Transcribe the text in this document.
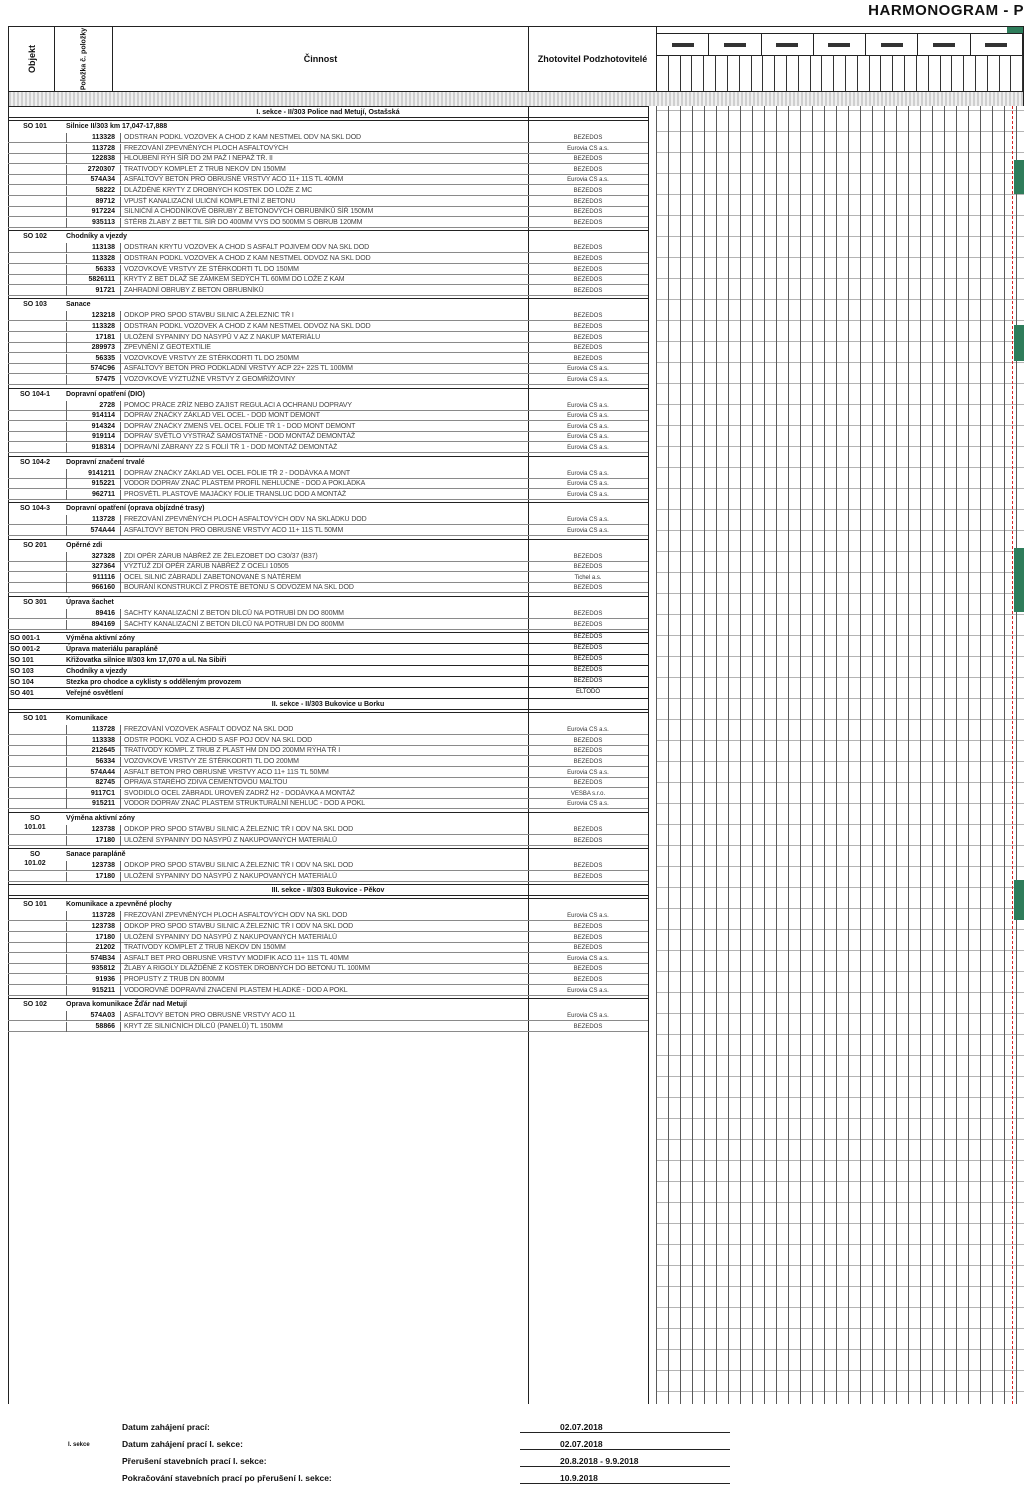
HARMONOGRAM - P
Objekt	Položka č. položky	Činnost	Zhotovitel Podzhotovitelé
I. sekce - II/303 Police nad Metují, Ostašská
SO 101	Silnice II/303 km 17,047-17,888
113328	ODSTRAN PODKL VOZOVEK A CHOD Z KAM NESTMEL ODV NA SKL DOD	BEZEDOS
113728	FREZOVÁNÍ ZPEVNĚNÝCH PLOCH ASFALTOVÝCH	Eurovia CS a.s.
122838	HLOUBENÍ RÝH ŠÍŘ DO 2M PAŽ I NEPAŽ TŘ. II	BEZEDOS
2720307	TRATIVODY KOMPLET Z TRUB NEKOV DN 150MM	BEZEDOS
574A34	ASFALTOVÝ BETON PRO OBRUSNÉ VRSTVY ACO 11+ 11S TL 40MM	Eurovia CS a.s.
58222	DLÁŽDĚNÉ KRYTY Z DROBNÝCH KOSTEK DO LOŽE Z MC	BEZEDOS
89712	VPUSŤ KANALIZAČNÍ ULIČNÍ KOMPLETNÍ Z BETONU	BEZEDOS
917224	SILNIČNÍ A CHODNÍKOVÉ OBRUBY Z BETONOVÝCH OBRUBNÍKŮ ŠÍŘ 150MM	BEZEDOS
935113	ŠTĚRB ŽLABY Z BET TIL ŠÍŘ DO 400MM VYS DO 500MM S OBRUB 120MM	BEZEDOS
SO 102	Chodníky a vjezdy
113138	ODSTRAN KRYTU VOZOVEK A CHOD S ASFALT POJIVEM ODV NA SKL DOD	BEZEDOS
113328	ODSTRAN PODKL VOZOVEK A CHOD Z KAM NESTMEL ODVOZ NA SKL DOD	BEZEDOS
56333	VOZOVKOVÉ VRSTVY ZE ŠTĚRKODRTI TL DO 150MM	BEZEDOS
5826111	KRYTY Z BET DLAŽ SE ZÁMKEM ŠEDÝCH TL 60MM DO LOŽE Z KAM	BEZEDOS
91721	ZAHRADNÍ OBRUBY Z BETON OBRUBNÍKŮ	BEZEDOS
SO 103	Sanace
123218	ODKOP PRO SPOD STAVBU SILNIC A ŽELEZNIC TŘ I	BEZEDOS
113328	ODSTRAN PODKL VOZOVEK A CHOD Z KAM NESTMEL ODVOZ NA SKL DOD	BEZEDOS
17181	ULOŽENÍ SYPANINY DO NÁSYPŮ V AZ Z NAKUP MATERIÁLU	BEZEDOS
289973	ZPEVNĚNÍ Z GEOTEXTILIE	BEZEDOS
56335	VOZOVKOVÉ VRSTVY ZE ŠTĚRKODRTI TL DO 250MM	BEZEDOS
574C96	ASFALTOVÝ BETON PRO PODKLADNÍ VRSTVY ACP 22+ 22S TL 100MM	Eurovia CS a.s.
57475	VOZOVKOVÉ VÝZTUŽNÉ VRSTVY Z GEOMŘÍŽOVINY	Eurovia CS a.s.
SO 104-1	Dopravní opatření (DIO)
2728	POMOC PRÁCE ZŘÍZ NEBO ZAJIST REGULACI A OCHRANU DOPRAVY	Eurovia CS a.s.
914114	DOPRAV ZNAČKY ZÁKLAD VEL OCEL - DOD MONT DEMONT	Eurovia CS a.s.
914324	DOPRAV ZNAČKY ZMENŠ VEL OCEL FÓLIE TŘ 1 - DOD MONT DEMONT	Eurovia CS a.s.
919114	DOPRAV SVĚTLO VÝSTRAŽ SAMOSTATNÉ - DOD MONTÁŽ DEMONTÁŽ	Eurovia CS a.s.
918314	DOPRAVNÍ ZÁBRANY Z2 S FÓLIÍ TŘ 1 - DOD MONTÁŽ DEMONTÁŽ	Eurovia CS a.s.
SO 104-2	Dopravní značení trvalé
9141211	DOPRAV ZNAČKY ZÁKLAD VEL OCEL FÓLIE TŘ 2 - DODÁVKA A MONT	Eurovia CS a.s.
915221	VODOR DOPRAV ZNAČ PLASTEM PROFIL NEHLUČNÉ - DOD A POKLÁDKA	Eurovia CS a.s.
962711	PROSVĚTL PLASTOVÉ MAJÁČKY FÓLIE TRANSLUC DOD A MONTÁŽ	Eurovia CS a.s.
SO 104-3	Dopravní opatření (oprava objízdné trasy)
113728	FREZOVÁNÍ ZPEVNĚNÝCH PLOCH ASFALTOVÝCH ODV NA SKLÁDKU DOD	Eurovia CS a.s.
574A44	ASFALTOVÝ BETON PRO OBRUSNÉ VRSTVY ACO 11+ 11S TL 50MM	Eurovia CS a.s.
SO 201	Opěrné zdi
327328	ZDI OPĚR ZÁRUB NÁBŘEŽ ZE ŽELEZOBET DO C30/37 (B37)	BEZEDOS
327364	VÝZTUŽ ZDÍ OPĚR ZÁRUB NÁBŘEŽ Z OCELI 10505	BEZEDOS
911116	OCEL SILNIČ ZÁBRADLÍ ZABETONOVANÉ S NÁTĚREM	Tichel a.s.
966160	BOURÁNÍ KONSTRUKCÍ Z PROSTÉ BETONU S ODVOZEM NA SKL DOD	BEZEDOS
SO 301	Úprava šachet
89416	ŠACHTY KANALIZAČNÍ Z BETON DÍLCŮ NA POTRUBÍ DN DO 800MM	BEZEDOS
894169	ŠACHTY KANALIZAČNÍ Z BETON DÍLCŮ NA POTRUBÍ DN DO 800MM	BEZEDOS
SO 001-1	Výměna aktivní zóny	BEZEDOS
SO 001-2	Úprava materiálu parapláně	BEZEDOS
SO 101	Křižovatka silnice II/303 km 17,070 a ul. Na Sibiři	BEZEDOS
SO 103	Chodníky a vjezdy	BEZEDOS
SO 104	Stezka pro chodce a cyklisty s odděleným provozem	BEZEDOS
SO 401	Veřejné osvětlení	ELTODO
II. sekce - II/303 Bukovice u Borku
SO 101	Komunikace
113728	FREZOVÁNÍ VOZOVEK ASFALT ODVOZ NA SKL DOD	Eurovia CS a.s.
113338	ODSTR PODKL VOZ A CHOD S ASF POJ ODV NA SKL DOD	BEZEDOS
212645	TRATIVODY KOMPL Z TRUB Z PLAST HM DN DO 200MM RÝHA TŘ I	BEZEDOS
56334	VOZOVKOVÉ VRSTVY ZE ŠTĚRKODRTI TL DO 200MM	BEZEDOS
574A44	ASFALT BETON PRO OBRUSNÉ VRSTVY ACO 11+ 11S TL 50MM	Eurovia CS a.s.
82745	OPRAVA STARÉHO ZDIVA CEMENTOVOU MALTOU	BEZEDOS
9117C1	SVODIDLO OCEL ZÁBRADL ÚROVEŇ ZADRŽ H2 - DODÁVKA A MONTÁŽ	VESBA s.r.o.
915211	VODOR DOPRAV ZNAČ PLASTEM STRUKTURÁLNÍ NEHLUČ - DOD A POKL	Eurovia CS a.s.
SO
101.01
Výměna aktivní zóny
123738	ODKOP PRO SPOD STAVBU SILNIC A ŽELEZNIC TŘ I ODV NA SKL DOD	BEZEDOS
17180	ULOŽENÍ SYPANINY DO NÁSYPŮ Z NAKUPOVANÝCH MATERIÁLŮ	BEZEDOS
SO
101.02
Sanace parapláně
123738	ODKOP PRO SPOD STAVBU SILNIC A ŽELEZNIC TŘ I ODV NA SKL DOD	BEZEDOS
17180	ULOŽENÍ SYPANINY DO NÁSYPŮ Z NAKUPOVANÝCH MATERIÁLŮ	BEZEDOS
III. sekce - II/303 Bukovice - Pěkov
SO 101	Komunikace a zpevněné plochy
113728	FREZOVÁNÍ ZPEVNĚNÝCH PLOCH ASFALTOVÝCH ODV NA SKL DOD	Eurovia CS a.s.
123738	ODKOP PRO SPOD STAVBU SILNIC A ŽELEZNIC TŘ I ODV NA SKL DOD	BEZEDOS
17180	ULOŽENÍ SYPANINY DO NÁSYPŮ Z NAKUPOVANÝCH MATERIÁLŮ	BEZEDOS
21202	TRATIVODY KOMPLET Z TRUB NEKOV DN 150MM	BEZEDOS
574B34	ASFALT BET PRO OBRUSNÉ VRSTVY MODIFIK ACO 11+ 11S TL 40MM	Eurovia CS a.s.
935812	ŽLABY A RIGOLY DLÁŽDĚNÉ Z KOSTEK DROBNÝCH DO BETONU TL 100MM	BEZEDOS
91936	PROPUSTY Z TRUB DN 800MM	BEZEDOS
915211	VODOROVNÉ DOPRAVNÍ ZNAČENÍ PLASTEM HLADKÉ - DOD A POKL	Eurovia CS a.s.
SO 102	Oprava komunikace Žďár nad Metují
574A03	ASFALTOVÝ BETON PRO OBRUSNÉ VRSTVY ACO 11	Eurovia CS a.s.
58866	KRYT ZE SILNIČNÍCH DÍLCŮ (PANELŮ) TL 150MM	BEZEDOS
Datum zahájení prací:	02.07.2018
I. sekce	Datum zahájení prací I. sekce:	02.07.2018
Přerušení stavebních prací I. sekce:	20.8.2018 - 9.9.2018
Pokračování stavebních prací po přerušení I. sekce:	10.9.2018
